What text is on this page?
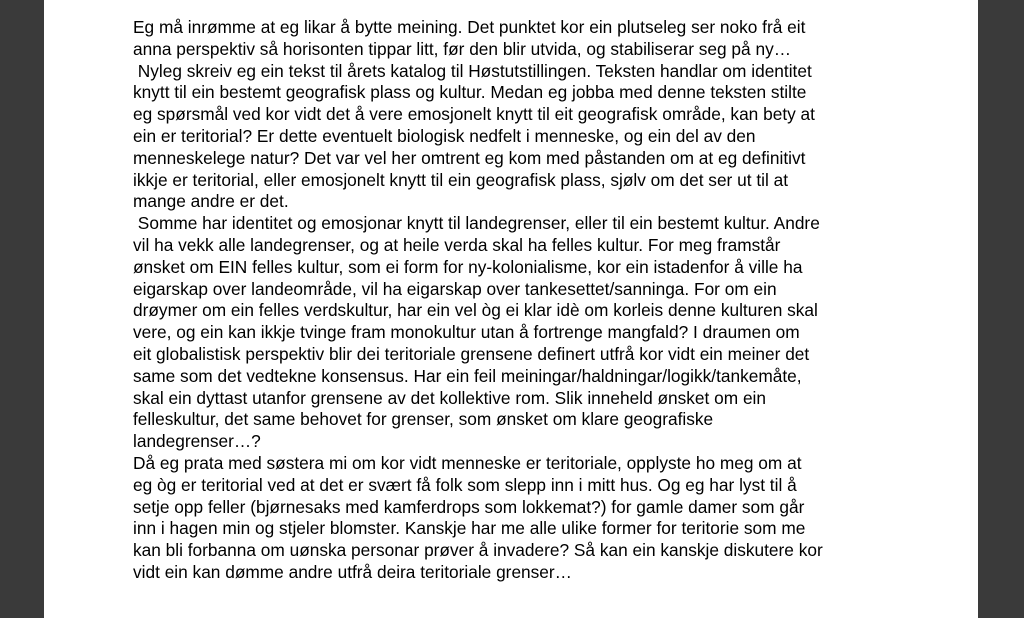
Eg må inrømme at eg likar å bytte meining. Det punktet kor ein plutseleg ser noko frå eit
anna perspektiv så horisonten tippar litt, før den blir utvida, og stabiliserar seg på ny…
Nyleg skreiv eg ein tekst til årets katalog til Høstutstillingen. Teksten handlar om identitet
knytt til ein bestemt geografisk plass og kultur. Medan eg jobba med denne teksten stilte
eg spørsmål ved kor vidt det å vere emosjonelt knytt til eit geografisk område, kan bety at
ein er teritorial? Er dette eventuelt biologisk nedfelt i menneske, og ein del av den
menneskelege natur? Det var vel her omtrent eg kom med påstanden om at eg definitivt
ikkje er teritorial, eller emosjonelt knytt til ein geografisk plass, sjølv om det ser ut til at
mange andre er det.
Somme har identitet og emosjonar knytt til landegrenser, eller til ein bestemt kultur. Andre
vil ha vekk alle landegrenser, og at heile verda skal ha felles kultur. For meg framstår
ønsket om EIN felles kultur, som ei form for ny-kolonialisme, kor ein istadenfor å ville ha
eigarskap over landeområde, vil ha eigarskap over tankesettet/sanninga. For om ein
drøymer om ein felles verdskultur, har ein vel òg ei klar idè om korleis denne kulturen skal
vere, og ein kan ikkje tvinge fram monokultur utan å fortrenge mangfald? I draumen om
eit globalistisk perspektiv blir dei teritoriale grensene definert utfrå kor vidt ein meiner det
same som det vedtekne konsensus. Har ein feil meiningar/haldningar/logikk/tankemåte,
skal ein dyttast utanfor grensene av det kollektive rom. Slik inneheld ønsket om ein
felleskultur, det same behovet for grenser, som ønsket om klare geografiske
landegrenser…?
Då eg prata med søstera mi om kor vidt menneske er teritoriale, opplyste ho meg om at
eg òg er teritorial ved at det er svært få folk som slepp inn i mitt hus. Og eg har lyst til å
setje opp feller (bjørnesaks med kamferdrops som lokkemat?) for gamle damer som går
inn i hagen min og stjeler blomster. Kanskje har me alle ulike former for teritorie som me
kan bli forbanna om uønska personar prøver å invadere? Så kan ein kanskje diskutere kor
vidt ein kan dømme andre utfrå deira teritoriale grenser…
